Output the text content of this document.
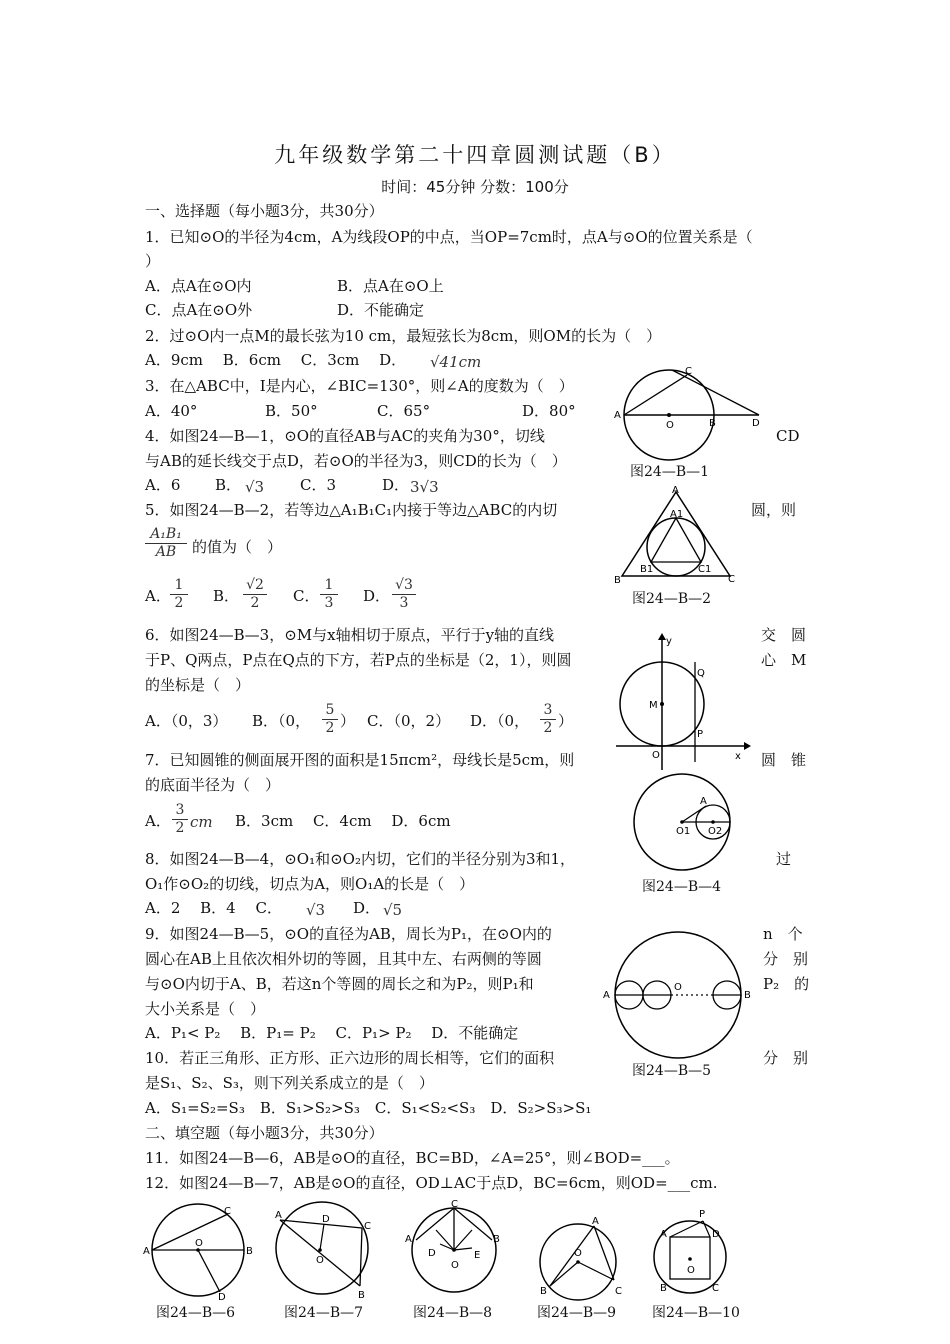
九年级数学第二十四章圆测试题（B）
时间：45分钟 分数：100分
一、选择题（每小题3分，共30分）
1．已知⊙O的半径为4cm，A为线段OP的中点，当OP=7cm时，点A与⊙O的位置关系是（
）
A．点A在⊙O内	B．点A在⊙O上
C．点A在⊙O外	D．不能确定
2．过⊙O内一点M的最长弦为10 cm，最短弦长为8cm，则OM的长为（　）
A．9cm　 B．6cm　 C．3cm　 D． √41cm
3．在△ABC中，I是内心，∠BIC=130°，则∠A的度数为（　）
A．40°	B．50°	C．65°	D．80°
4．如图24—B—1，⊙O的直径AB与AC的夹角为30°，切线	CD
与AB的延长线交于点D，若⊙O的半径为3，则CD的长为（　）
A．6 B． √3 C．3	D． 3√3
5．如图24—B—2，若等边△A₁B₁C₁内接于等边△ABC的内切	圆，则
$\frac{\text{A₁B₁}}{AB}$ 的值为（　）
A． $\frac{1}{2}$ B． $\frac{√2}{2}$ C． $\frac{1}{3}$ D． $\frac{√3}{3}$
6．如图24—B—3，⊙M与x轴相切于原点，平行于y轴的直线	交　圆
于P、Q两点，P点在Q点的下方，若P点的坐标是（2，1），则圆	心　M
的坐标是（　）
A．（0，3） B．（0， $\frac{5}{2}$ ） C．（0，2） D．（0， $\frac{3}{2}$ ）
7．已知圆锥的侧面展开图的面积是15πcm²，母线长是5cm，则	圆　锥
的底面半径为（　）
A． $\frac{3}{2}$ cm B．3cm　 C．4cm　 D．6cm
8．如图24—B—4，⊙O₁和⊙O₂内切，它们的半径分别为3和1，	过
O₁作⊙O₂的切线，切点为A，则O₁A的长是（　）
A．2　 B．4　 C． √3 D． √5
9．如图24—B—5，⊙O的直径为AB，周长为P₁，在⊙O内的	n　个
圆心在AB上且依次相外切的等圆，且其中左、右两侧的等圆	分　别
与⊙O内切于A、B，若这n个等圆的周长之和为P₂，则P₁和	P₂　的
大小关系是（　）
A．P₁< P₂　 B．P₁= P₂　 C．P₁> P₂　 D．不能确定
10．若正三角形、正方形、正六边形的周长相等，它们的面积	分　别
是S₁、S₂、S₃，则下列关系成立的是（　）
A．S₁=S₂=S₃　B．S₁>S₂>S₃　C．S₁<S₂<S₃　D．S₂>S₃>S₁
二、填空题（每小题3分，共30分）
11．如图24—B—6，AB是⊙O的直径，BC=BD，∠A=25°，则∠BOD=___。
12．如图24—B—7，AB是⊙O的直径，OD⊥AC于点D，BC=6cm，则OD=___cm.
A
O	B	D
C
图24—B—1
A
A1
B
B1	C1
C
图24—B—2
y
M
O
Q
P
x
A
O1 O2
图24—B—4
A
O
B
图24—B—5
A
O
C
B
D
图24—B—6
A	D
C
O
B
图24—B—7
C
A	B
D	E
O
图24—B—8
A
O
B	C
图24—B—9
P
A	D
O
B	C
图24—B—10
